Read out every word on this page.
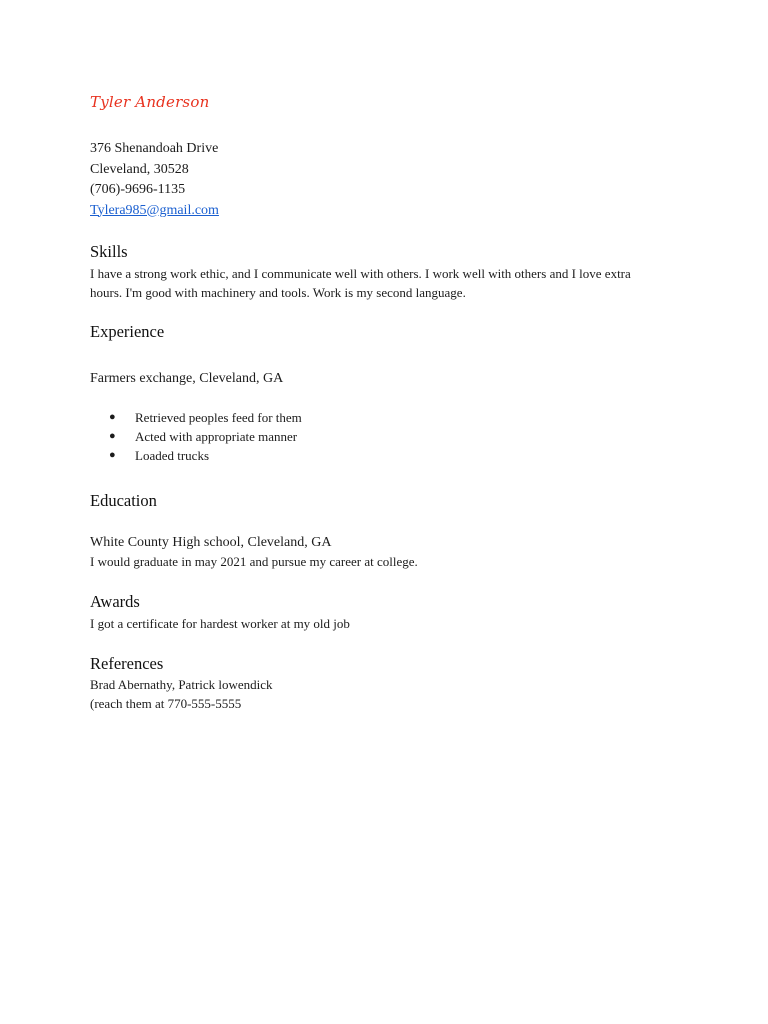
Tyler Anderson
376 Shenandoah Drive
Cleveland, 30528
(706)-9696-1135
Tylera985@gmail.com
Skills
I have a strong work ethic, and I communicate well with others. I work well with others and I love extra
hours. I'm good with machinery and tools. Work is my second language.
Experience
Farmers exchange, Cleveland, GA
● Retrieved peoples feed for them
● Acted with appropriate manner
● Loaded trucks
Education
White County High school, Cleveland, GA
I would graduate in may 2021 and pursue my career at college.
Awards
I got a certificate for hardest worker at my old job
References
Brad Abernathy, Patrick lowendick
(reach them at 770-555-5555
